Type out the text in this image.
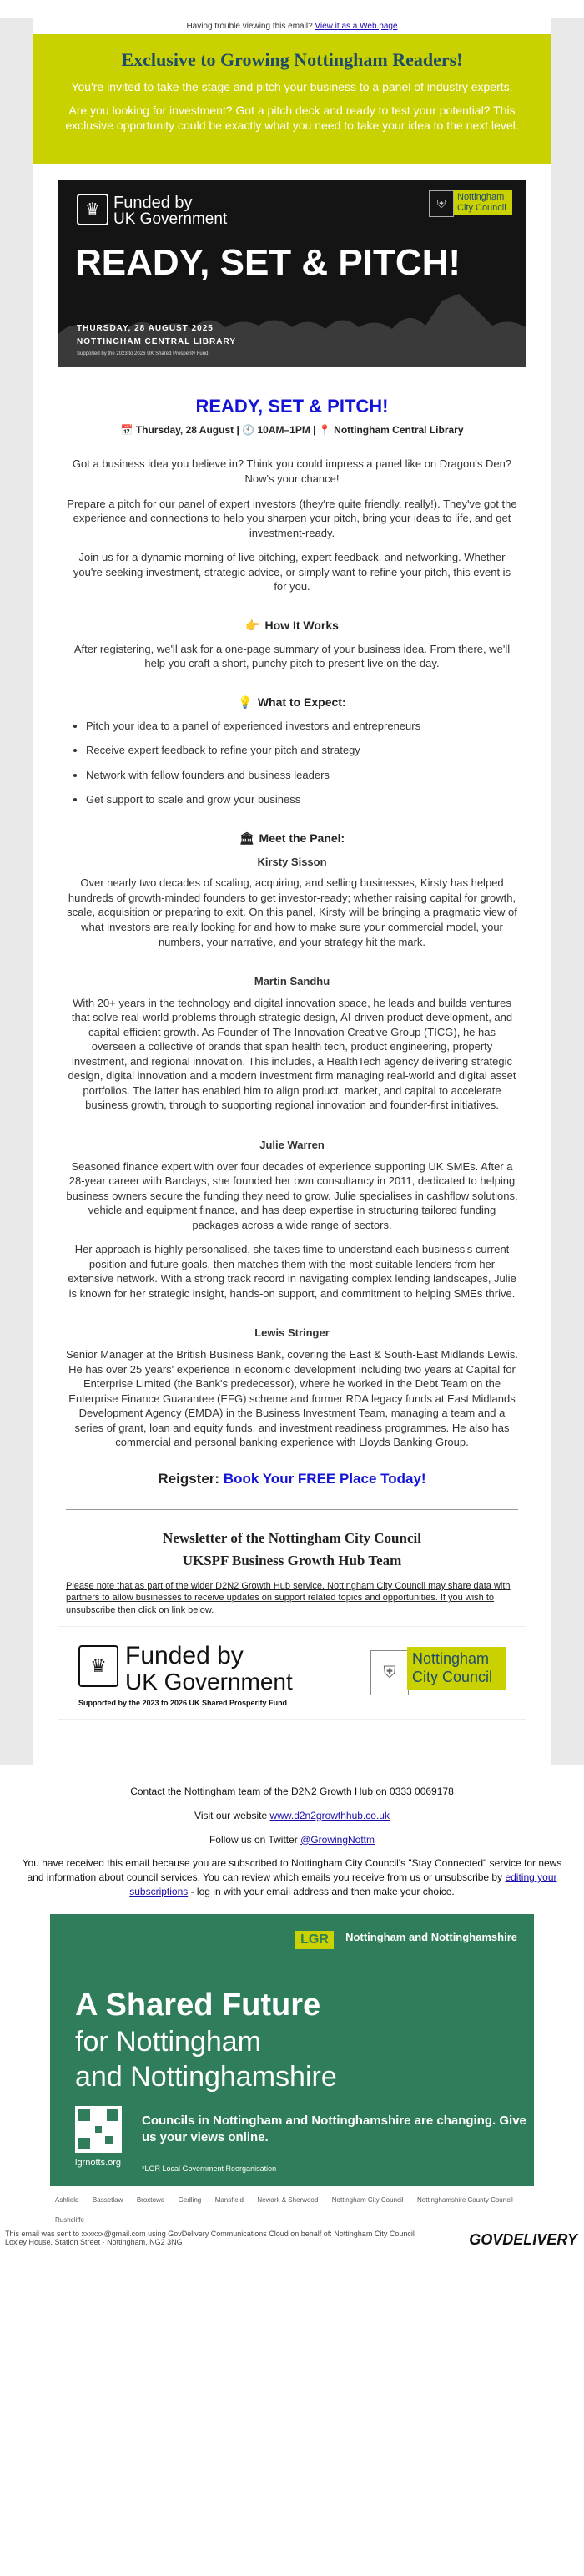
Having trouble viewing this email? View it as a Web page
Exclusive to Growing Nottingham Readers!

You're invited to take the stage and pitch your business to a panel of industry experts.

Are you looking for investment? Got a pitch deck and ready to test your potential? This exclusive opportunity could be exactly what you need to take your idea to the next level.

♛ Funded by
UK Government
⛨	Nottingham City Council
READY, SET & PITCH!
THURSDAY, 28 AUGUST 2025
NOTTINGHAM CENTRAL LIBRARY
Supported by the 2023 to 2026 UK Shared Prosperity Fund
READY, SET & PITCH!
📅 Thursday, 28 August | 🕙 10AM–1PM | 📍 Nottingham Central Library

Got a business idea you believe in? Think you could impress a panel like on Dragon's Den? Now's your chance!

Prepare a pitch for our panel of expert investors (they're quite friendly, really!). They've got the experience and connections to help you sharpen your pitch, bring your ideas to life, and get investment-ready.

Join us for a dynamic morning of live pitching, expert feedback, and networking. Whether you're seeking investment, strategic advice, or simply want to refine your pitch, this event is for you.

👉 How It Works

After registering, we'll ask for a one-page summary of your business idea. From there, we'll help you craft a short, punchy pitch to present live on the day.

💡 What to Expect:
• Pitch your idea to a panel of experienced investors and entrepreneurs
• Receive expert feedback to refine your pitch and strategy
• Network with fellow founders and business leaders
• Get support to scale and grow your business
🏛 Meet the Panel:
Kirsty Sisson

Over nearly two decades of scaling, acquiring, and selling businesses, Kirsty has helped hundreds of growth-minded founders to get investor-ready; whether raising capital for growth, scale, acquisition or preparing to exit. On this panel, Kirsty will be bringing a pragmatic view of what investors are really looking for and how to make sure your commercial model, your numbers, your narrative, and your strategy hit the mark.

Martin Sandhu

With 20+ years in the technology and digital innovation space, he leads and builds ventures that solve real-world problems through strategic design, AI-driven product development, and capital-efficient growth. As Founder of The Innovation Creative Group (TICG), he has overseen a collective of brands that span health tech, product engineering, property investment, and regional innovation. This includes, a HealthTech agency delivering strategic design, digital innovation and a modern investment firm managing real-world and digital asset portfolios. The latter has enabled him to align product, market, and capital to accelerate business growth, through to supporting regional innovation and founder-first initiatives.

Julie Warren

Seasoned finance expert with over four decades of experience supporting UK SMEs. After a 28-year career with Barclays, she founded her own consultancy in 2011, dedicated to helping business owners secure the funding they need to grow. Julie specialises in cashflow solutions, vehicle and equipment finance, and has deep expertise in structuring tailored funding packages across a wide range of sectors.

Her approach is highly personalised, she takes time to understand each business's current position and future goals, then matches them with the most suitable lenders from her extensive network. With a strong track record in navigating complex lending landscapes, Julie is known for her strategic insight, hands-on support, and commitment to helping SMEs thrive.

Lewis Stringer

Senior Manager at the British Business Bank, covering the East & South-East Midlands Lewis. He has over 25 years' experience in economic development including two years at Capital for Enterprise Limited (the Bank's predecessor), where he worked in the Debt Team on the Enterprise Finance Guarantee (EFG) scheme and former RDA legacy funds at East Midlands Development Agency (EMDA) in the Business Investment Team, managing a team and a series of grant, loan and equity funds, and investment readiness programmes. He also has commercial and personal banking experience with Lloyds Banking Group.

Reigster: Book Your FREE Place Today!
Newsletter of the Nottingham City Council
UKSPF Business Growth Hub Team
Please note that as part of the wider D2N2 Growth Hub service, Nottingham City Council may share data with partners to allow businesses to receive updates on support related topics and opportunities. If you wish to unsubscribe then click on link below.
♛ Funded by
UK Government
Supported by the 2023 to 2026 UK Shared Prosperity Fund
⛨
Nottingham City Council

Contact the Nottingham team of the D2N2 Growth Hub on 0333 0069178

Visit our website www.d2n2growthhub.co.uk

Follow us on Twitter @GrowingNottm

You have received this email because you are subscribed to Nottingham City Council's "Stay Connected" service for news and information about council services. You can review which emails you receive from us or unsubscribe by editing your subscriptions - log in with your email address and then make your choice.

LGR	Nottingham and Nottinghamshire
A Shared Future
for Nottingham
and Nottinghamshire
lgrnotts.org
Councils in Nottingham and Nottinghamshire are changing. Give us your views online.
*LGR Local Government Reorganisation
Ashfield Bassetlaw Broxtowe Gedling Mansfield Newark & Sherwood Nottingham City Council Nottinghamshire County Council Rushcliffe
This email was sent to xxxxxx@gmail.com using GovDelivery Communications Cloud on behalf of: Nottingham City Council
Loxley House, Station Street · Nottingham, NG2 3NG	GOVDELIVERY
